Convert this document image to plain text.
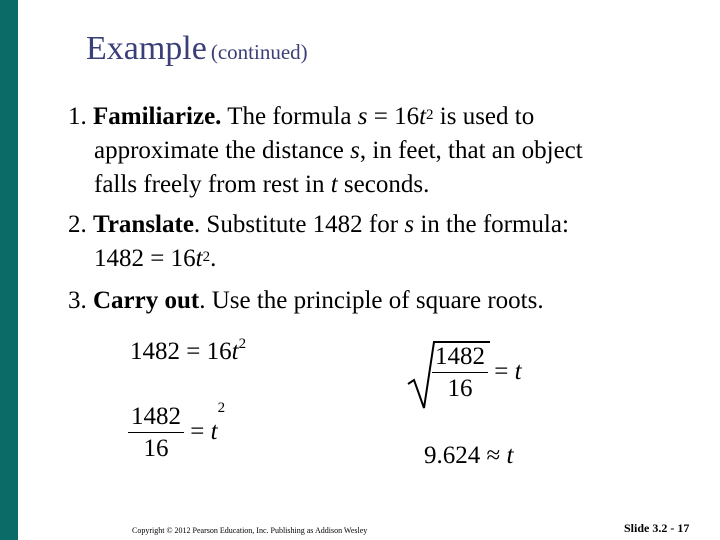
Example (continued)
1. Familiarize. The formula $s = 16t^2$ is used to
approximate the distance s, in feet, that an object
falls freely from rest in t seconds.
2. Translate. Substitute 1482 for s in the formula:
$1482 = 16t^2$.
3. Carry out. Use the principle of square roots.
$1482 = 16t^2$
$\frac{1482}{16} = t^2$
$\frac{1482}{16} = t$
9.624 ≈ t
Copyright © 2012 Pearson Education, Inc. Publishing as Addison Wesley	Slide 3.2 - 17
